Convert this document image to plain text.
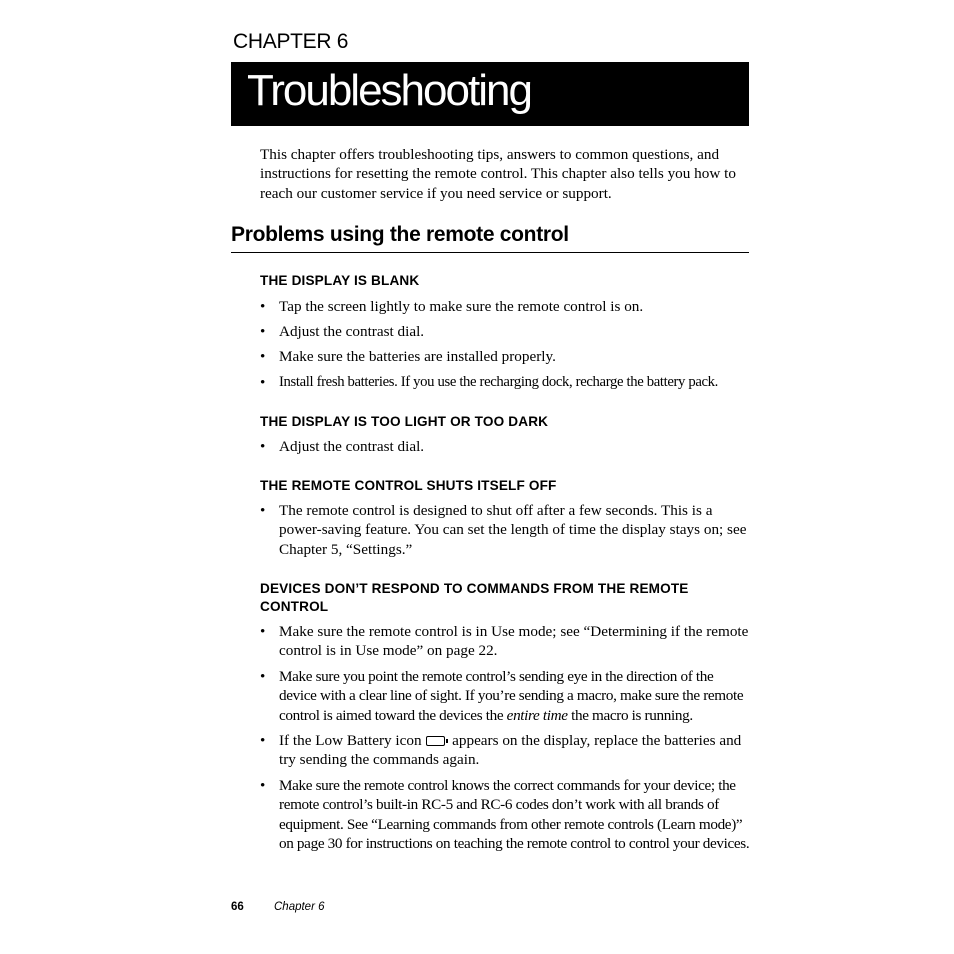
CHAPTER 6
Troubleshooting
This chapter offers troubleshooting tips, answers to common questions, and instructions for resetting the remote control. This chapter also tells you how to reach our customer service if you need service or support.
Problems using the remote control
THE DISPLAY IS BLANK
• Tap the screen lightly to make sure the remote control is on.
• Adjust the contrast dial.
• Make sure the batteries are installed properly.
• Install fresh batteries. If you use the recharging dock, recharge the battery pack.
THE DISPLAY IS TOO LIGHT OR TOO DARK
• Adjust the contrast dial.
THE REMOTE CONTROL SHUTS ITSELF OFF
• The remote control is designed to shut off after a few seconds. This is a power-saving feature. You can set the length of time the display stays on; see Chapter 5, “Settings.”
DEVICES DON’T RESPOND TO COMMANDS FROM THE REMOTE CONTROL
• Make sure the remote control is in Use mode; see “Determining if the remote control is in Use mode” on page 22.
• Make sure you point the remote control’s sending eye in the direction of the device with a clear line of sight. If you’re sending a macro, make sure the remote control is aimed toward the devices the entire time the macro is running.
• If the Low Battery icon appears on the display, replace the batteries and try sending the commands again.
• Make sure the remote control knows the correct commands for your device; the remote control’s built-in RC-5 and RC-6 codes don’t work with all brands of equipment. See “Learning commands from other remote controls (Learn mode)” on page 30 for instructions on teaching the remote control to control your devices.
66	Chapter 6
